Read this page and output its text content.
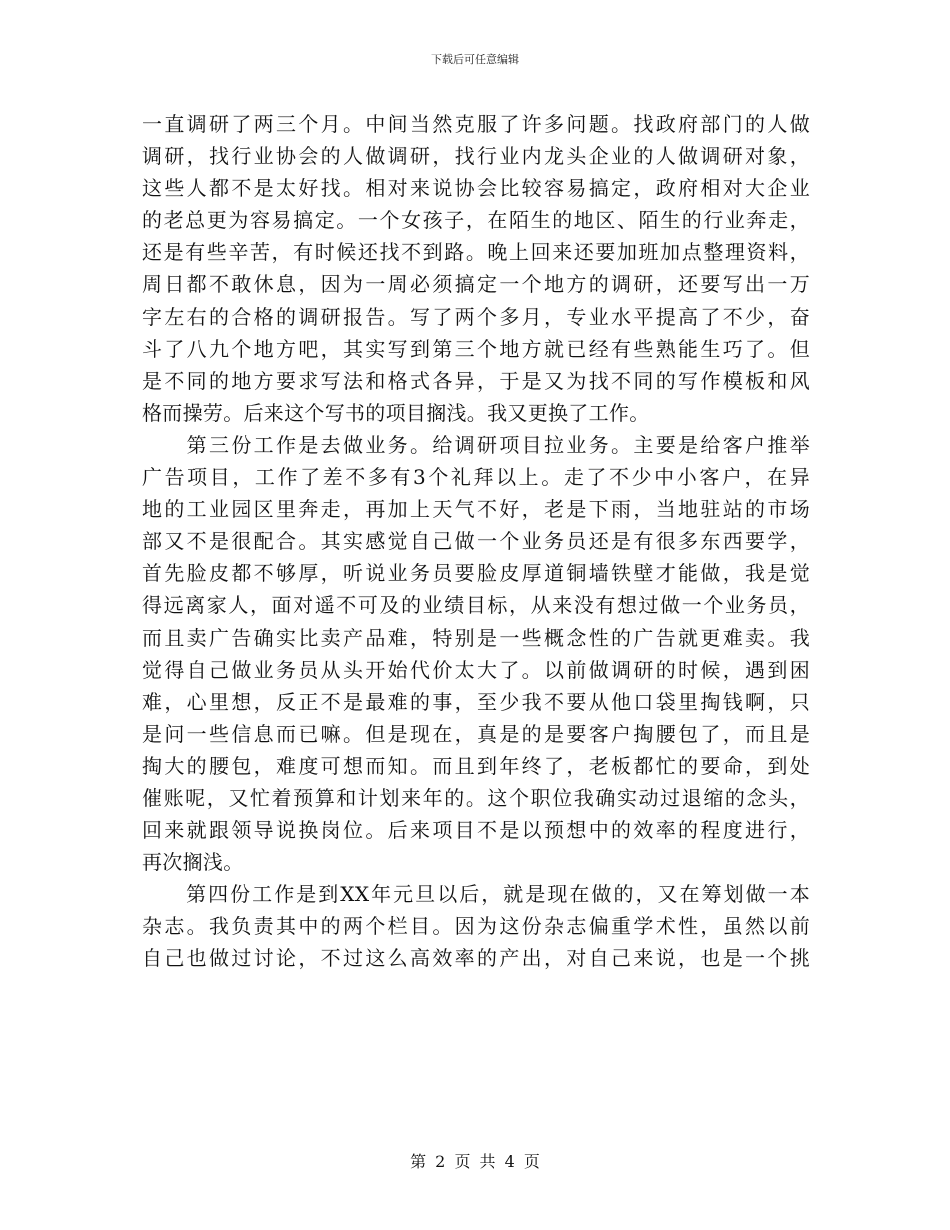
下载后可任意编辑
一直调研了两三个月。中间当然克服了许多问题。找政府部门的人做
调研，找行业协会的人做调研，找行业内龙头企业的人做调研对象，
这些人都不是太好找。相对来说协会比较容易搞定，政府相对大企业
的老总更为容易搞定。一个女孩子，在陌生的地区、陌生的行业奔走，
还是有些辛苦，有时候还找不到路。晚上回来还要加班加点整理资料，
周日都不敢休息，因为一周必须搞定一个地方的调研，还要写出一万
字左右的合格的调研报告。写了两个多月，专业水平提高了不少，奋
斗了八九个地方吧，其实写到第三个地方就已经有些熟能生巧了。但
是不同的地方要求写法和格式各异，于是又为找不同的写作模板和风
格而操劳。后来这个写书的项目搁浅。我又更换了工作。
　　第三份工作是去做业务。给调研项目拉业务。主要是给客户推举
广告项目，工作了差不多有3个礼拜以上。走了不少中小客户，在异
地的工业园区里奔走，再加上天气不好，老是下雨，当地驻站的市场
部又不是很配合。其实感觉自己做一个业务员还是有很多东西要学，
首先脸皮都不够厚，听说业务员要脸皮厚道铜墙铁壁才能做，我是觉
得远离家人，面对遥不可及的业绩目标，从来没有想过做一个业务员，
而且卖广告确实比卖产品难，特别是一些概念性的广告就更难卖。我
觉得自己做业务员从头开始代价太大了。以前做调研的时候，遇到困
难，心里想，反正不是最难的事，至少我不要从他口袋里掏钱啊，只
是问一些信息而已嘛。但是现在，真是的是要客户掏腰包了，而且是
掏大的腰包，难度可想而知。而且到年终了，老板都忙的要命，到处
催账呢，又忙着预算和计划来年的。这个职位我确实动过退缩的念头，
回来就跟领导说换岗位。后来项目不是以预想中的效率的程度进行，
再次搁浅。
　　第四份工作是到XX年元旦以后，就是现在做的，又在筹划做一本
杂志。我负责其中的两个栏目。因为这份杂志偏重学术性，虽然以前
自己也做过讨论，不过这么高效率的产出，对自己来说，也是一个挑
第 2 页 共 4 页
